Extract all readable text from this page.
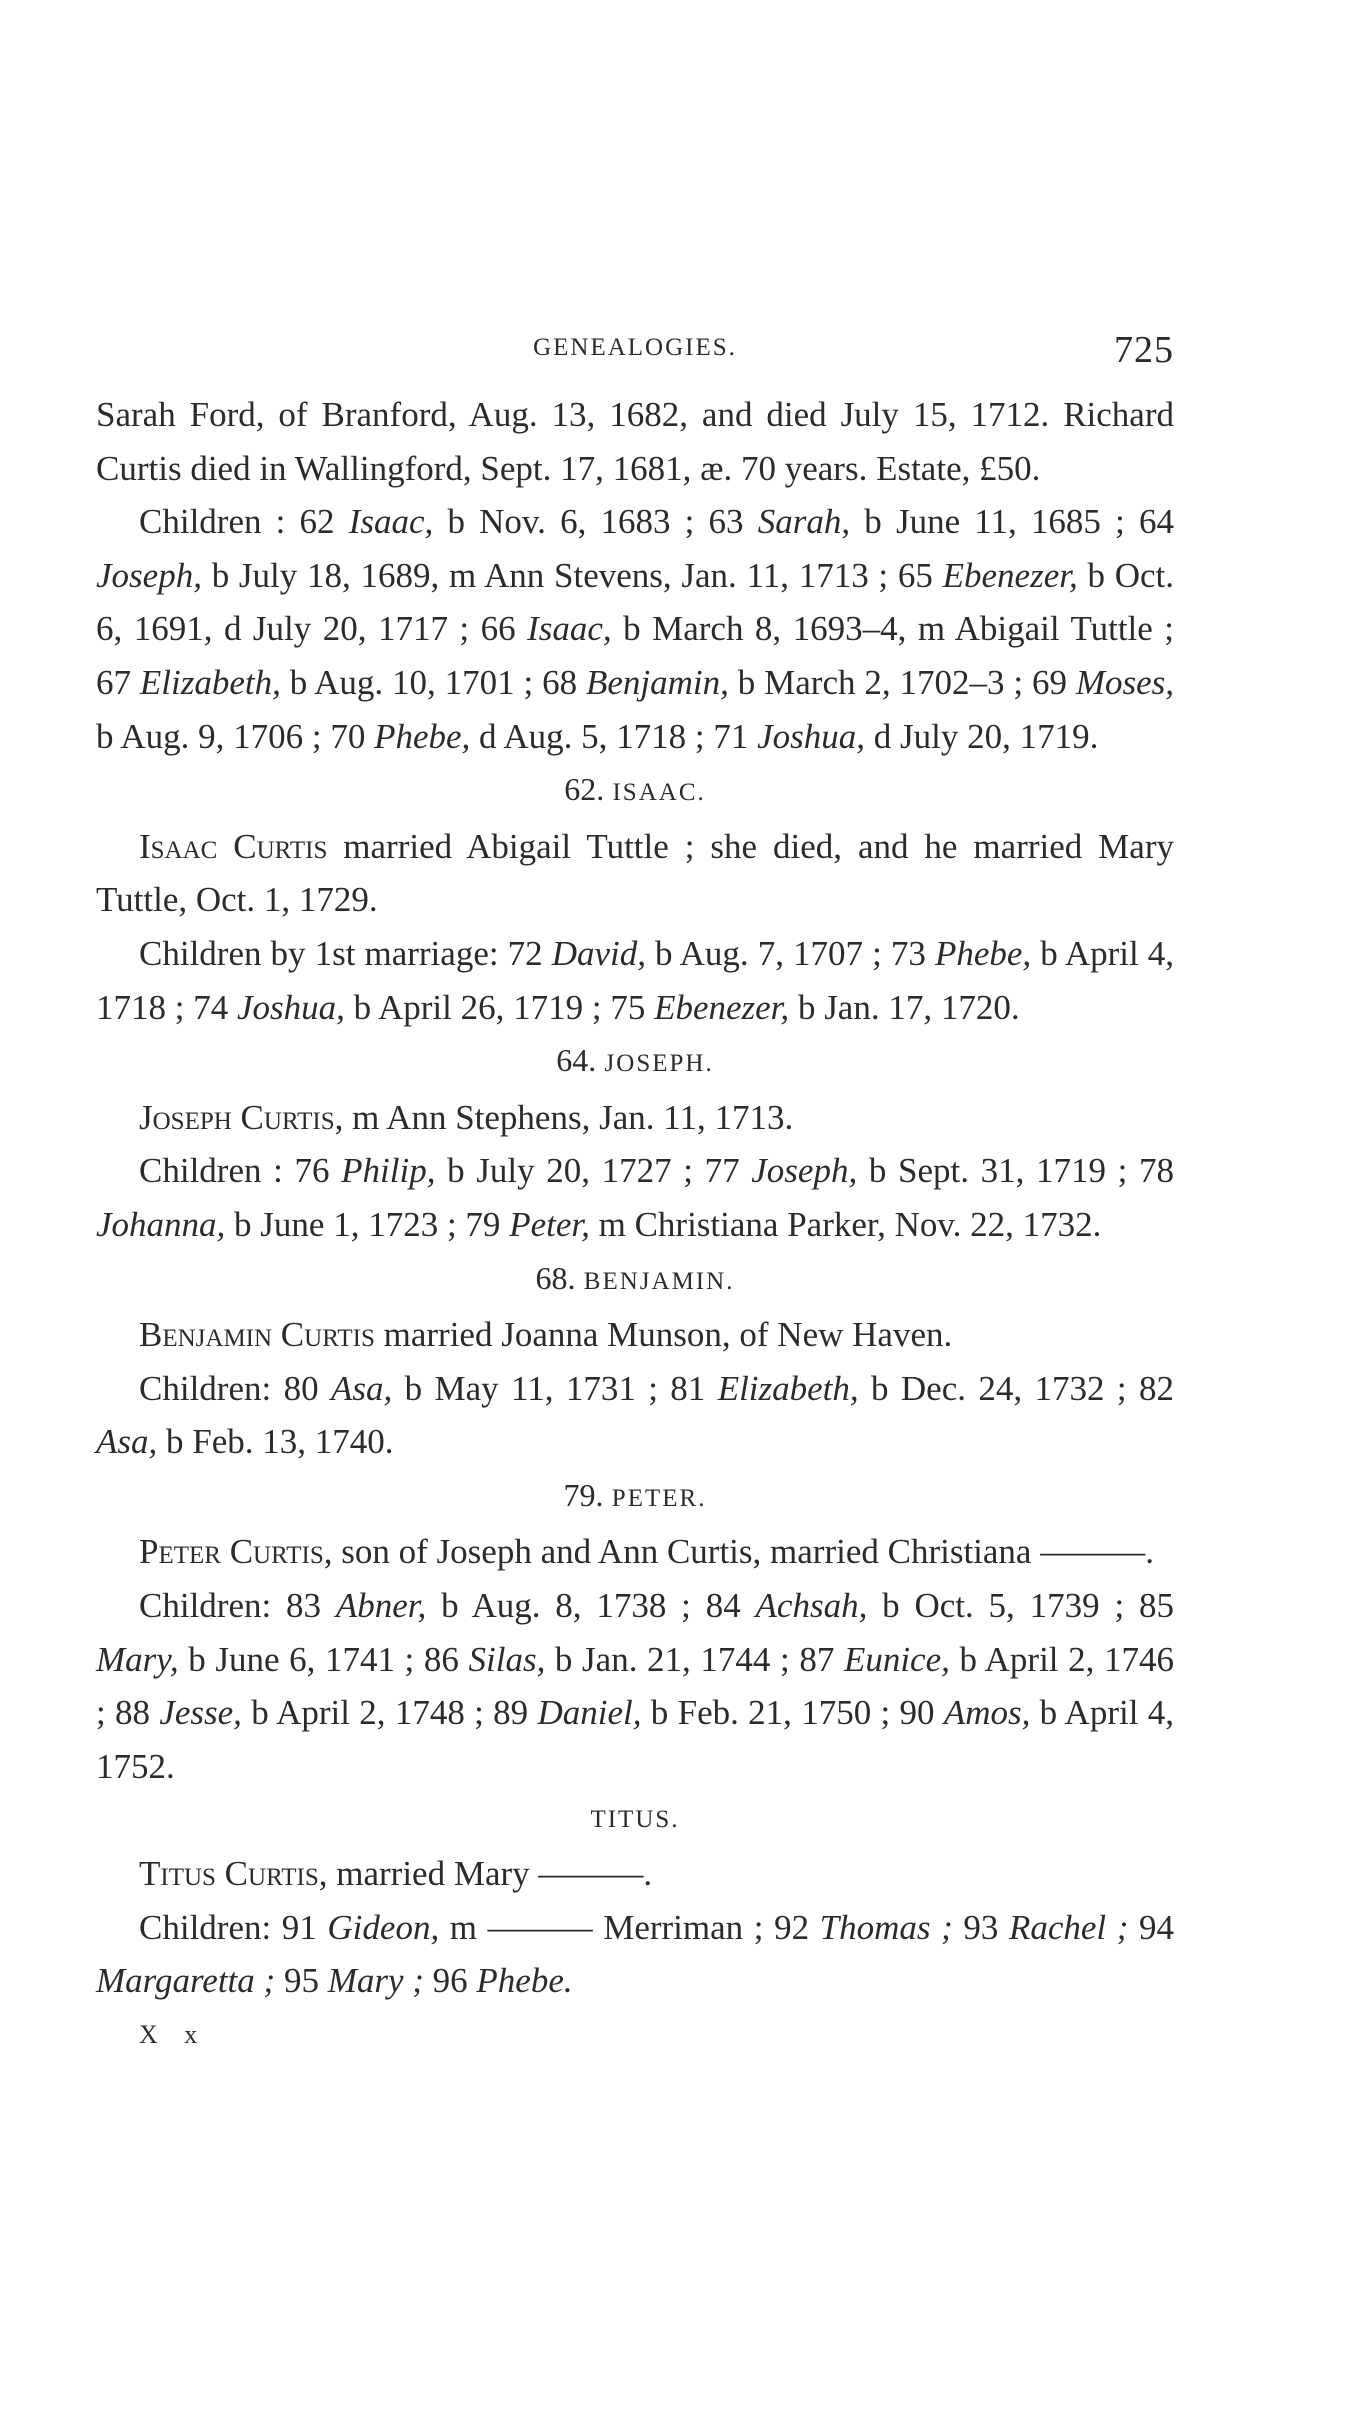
GENEALOGIES.	725

Sarah Ford, of Branford, Aug. 13, 1682, and died July 15, 1712. Richard Curtis died in Wallingford, Sept. 17, 1681, æ. 70 years. Estate, £50.

Children : 62 Isaac, b Nov. 6, 1683 ; 63 Sarah, b June 11, 1685 ; 64 Joseph, b July 18, 1689, m Ann Stevens, Jan. 11, 1713 ; 65 Ebenezer, b Oct. 6, 1691, d July 20, 1717 ; 66 Isaac, b March 8, 1693–4, m Abigail Tuttle ; 67 Elizabeth, b Aug. 10, 1701 ; 68 Benjamin, b March 2, 1702–3 ; 69 Moses, b Aug. 9, 1706 ; 70 Phebe, d Aug. 5, 1718 ; 71 Joshua, d July 20, 1719.

62. ISAAC.

Isaac Curtis married Abigail Tuttle ; she died, and he married Mary Tuttle, Oct. 1, 1729.

Children by 1st marriage: 72 David, b Aug. 7, 1707 ; 73 Phebe, b April 4, 1718 ; 74 Joshua, b April 26, 1719 ; 75 Ebenezer, b Jan. 17, 1720.

64. JOSEPH.

Joseph Curtis, m Ann Stephens, Jan. 11, 1713.

Children : 76 Philip, b July 20, 1727 ; 77 Joseph, b Sept. 31, 1719 ; 78 Johanna, b June 1, 1723 ; 79 Peter, m Christiana Parker, Nov. 22, 1732.

68. BENJAMIN.

Benjamin Curtis married Joanna Munson, of New Haven.

Children: 80 Asa, b May 11, 1731 ; 81 Elizabeth, b Dec. 24, 1732 ; 82 Asa, b Feb. 13, 1740.

79. PETER.

Peter Curtis, son of Joseph and Ann Curtis, married Christiana ———.

Children: 83 Abner, b Aug. 8, 1738 ; 84 Achsah, b Oct. 5, 1739 ; 85 Mary, b June 6, 1741 ; 86 Silas, b Jan. 21, 1744 ; 87 Eunice, b April 2, 1746 ; 88 Jesse, b April 2, 1748 ; 89 Daniel, b Feb. 21, 1750 ; 90 Amos, b April 4, 1752.

TITUS.

Titus Curtis, married Mary ———.

Children: 91 Gideon, m ——— Merriman ; 92 Thomas ; 93 Rachel ; 94 Margaretta ; 95 Mary ; 96 Phebe.

X x
